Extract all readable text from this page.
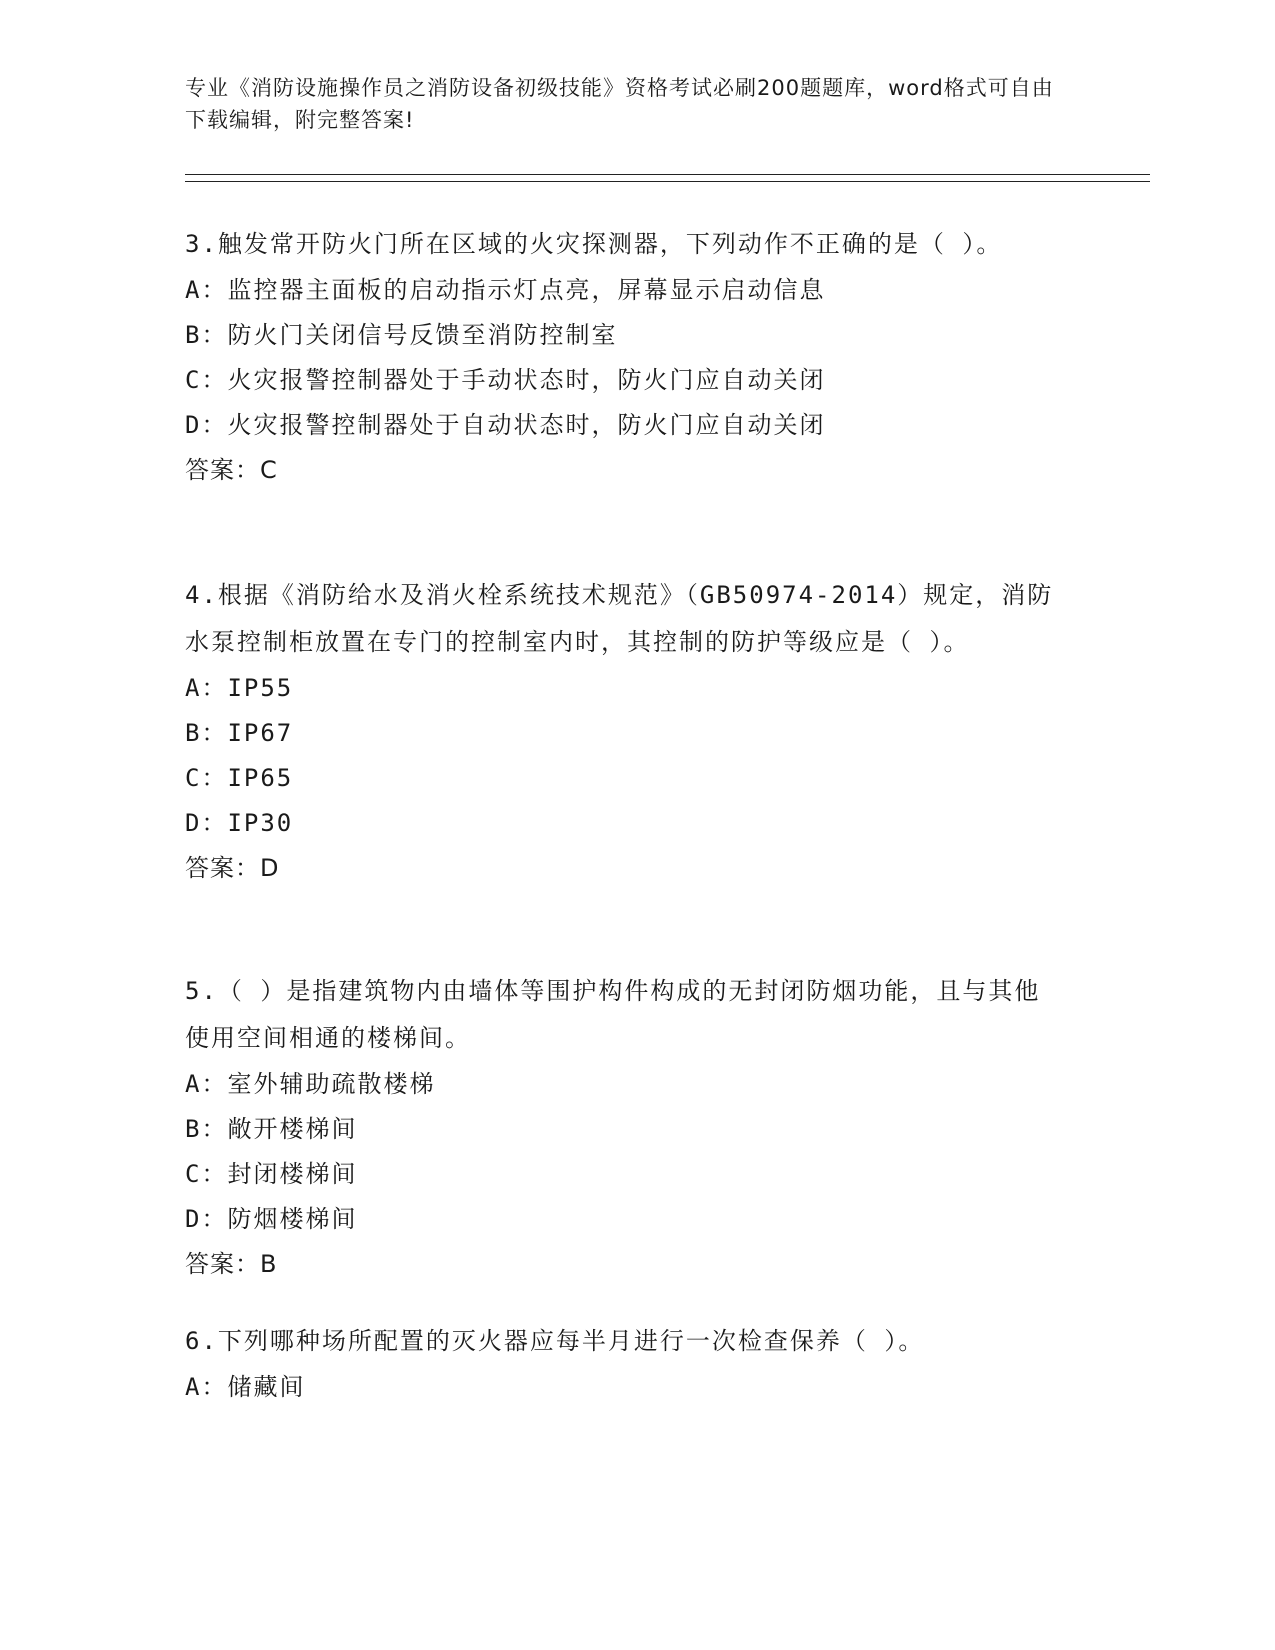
专业《消防设施操作员之消防设备初级技能》资格考试必刷200题题库，word格式可自由下载编辑，附完整答案!
3.触发常开防火门所在区域的火灾探测器，下列动作不正确的是（ ）。
A：监控器主面板的启动指示灯点亮，屏幕显示启动信息
B：防火门关闭信号反馈至消防控制室
C：火灾报警控制器处于手动状态时，防火门应自动关闭
D：火灾报警控制器处于自动状态时，防火门应自动关闭
答案：C
4.根据《消防给水及消火栓系统技术规范》（GB50974-2014）规定，消防水泵控制柜放置在专门的控制室内时，其控制的防护等级应是（ ）。
A：IP55
B：IP67
C：IP65
D：IP30
答案：D
5.（ ）是指建筑物内由墙体等围护构件构成的无封闭防烟功能，且与其他使用空间相通的楼梯间。
A：室外辅助疏散楼梯
B：敞开楼梯间
C：封闭楼梯间
D：防烟楼梯间
答案：B
6.下列哪种场所配置的灭火器应每半月进行一次检查保养（ ）。
A：储藏间
